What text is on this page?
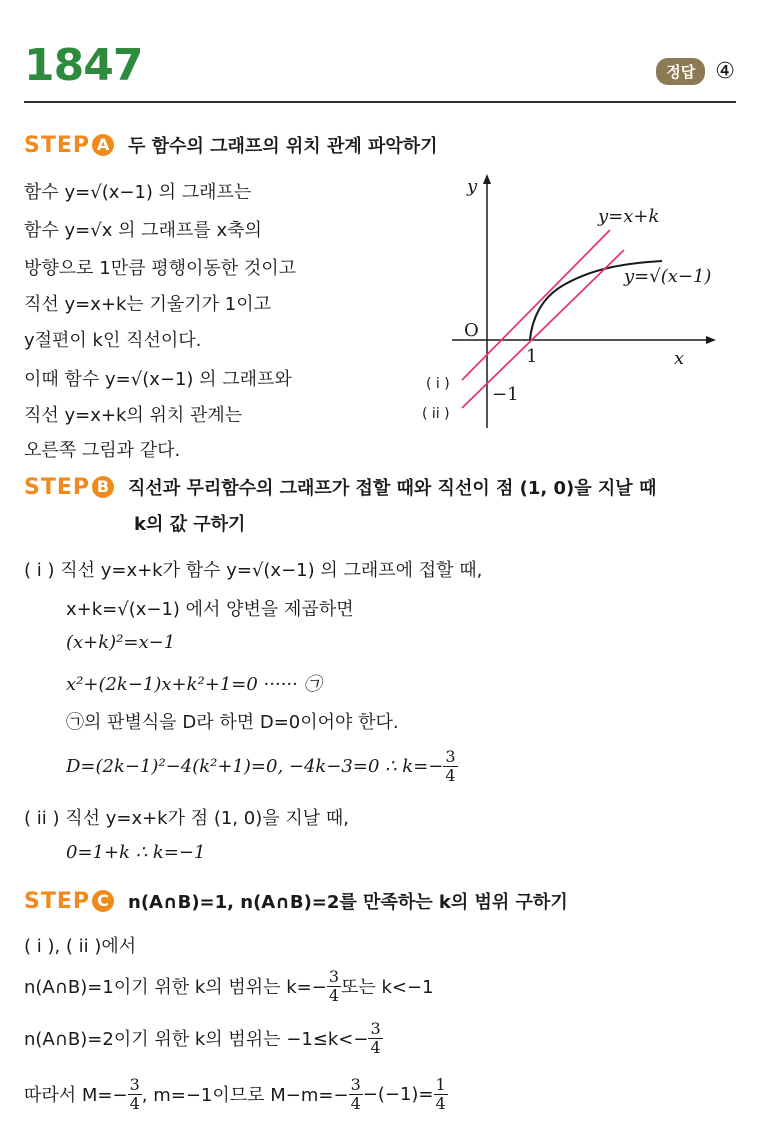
1847	정답 ④
STEP A 두 함수의 그래프의 위치 관계 파악하기
함수 y=√(x−1) 의 그래프는
함수 y=√x 의 그래프를 x축의
방향으로 1만큼 평행이동한 것이고
직선 y=x+k는 기울기가 1이고
y절편이 k인 직선이다.
이때 함수 y=√(x−1) 의 그래프와
직선 y=x+k의 위치 관계는
오른쪽 그림과 같다.
y
x
O
1
−1
y=√(x−1)
y=x+k
( i )
( ii )
STEP B 직선과 무리함수의 그래프가 접할 때와 직선이 점 (1, 0)을 지날 때
k의 값 구하기
( i ) 직선 y=x+k가 함수 y=√(x−1) 의 그래프에 접할 때,
x+k=√(x−1) 에서 양변을 제곱하면
(x+k)²=x−1
x²+(2k−1)x+k²+1=0 ······ ㉠
㉠의 판별식을 D라 하면 D=0이어야 한다.
D=(2k−1)²−4(k²+1)=0, −4k−3=0 ∴ $k=- \frac{3}{4}$
( ii ) 직선 y=x+k가 점 (1, 0)을 지날 때,
0=1+k ∴ k=−1
STEP C n(A∩B)=1, n(A∩B)=2를 만족하는 k의 범위 구하기
( i ), ( ii )에서
n(A∩B)=1이기 위한 k의 범위는 $k=- \frac{3}{4}$ 또는 k<−1
n(A∩B)=2이기 위한 k의 범위는 $-1\le k<- \frac{3}{4}$
따라서 $M=- \frac{3}{4}$ , m=−1이므로 $M-m=- \frac{3}{4} -(-1)= \frac{1}{4}$
